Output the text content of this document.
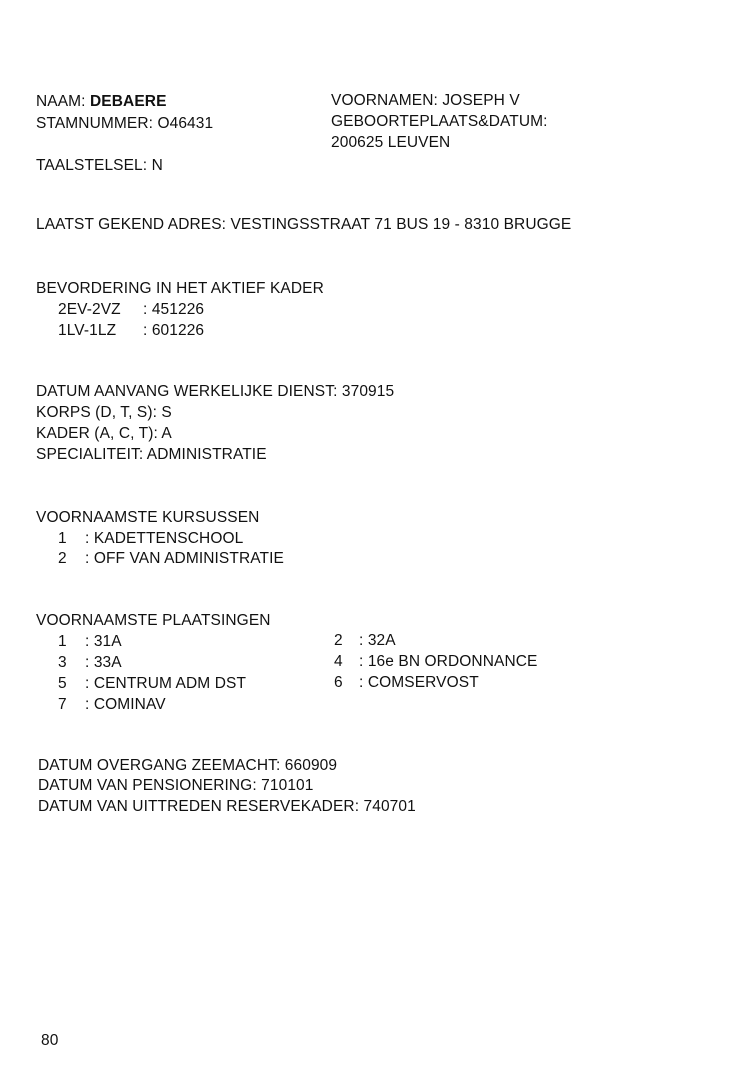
NAAM: DEBAERE
STAMNUMMER: O46431
VOORNAMEN: JOSEPH V
GEBOORTEPLAATS&DATUM:
200625 LEUVEN
TAALSTELSEL: N
LAATST GEKEND ADRES: VESTINGSSTRAAT 71 BUS 19 - 8310 BRUGGE
BEVORDERING IN HET AKTIEF KADER
2EV-2VZ : 451226
1LV-1LZ : 601226
DATUM AANVANG WERKELIJKE DIENST: 370915
KORPS (D, T, S): S
KADER (A, C, T): A
SPECIALITEIT: ADMINISTRATIE
VOORNAAMSTE KURSUSSEN
1 : KADETTENSCHOOL
2 : OFF VAN ADMINISTRATIE
VOORNAAMSTE PLAATSINGEN
1 : 31A
3 : 33A
5 : CENTRUM ADM DST
7 : COMINAV
2 : 32A
4 : 16e BN ORDONNANCE
6 : COMSERVOST
DATUM OVERGANG ZEEMACHT: 660909
DATUM VAN PENSIONERING: 710101
DATUM VAN UITTREDEN RESERVEKADER: 740701
80
